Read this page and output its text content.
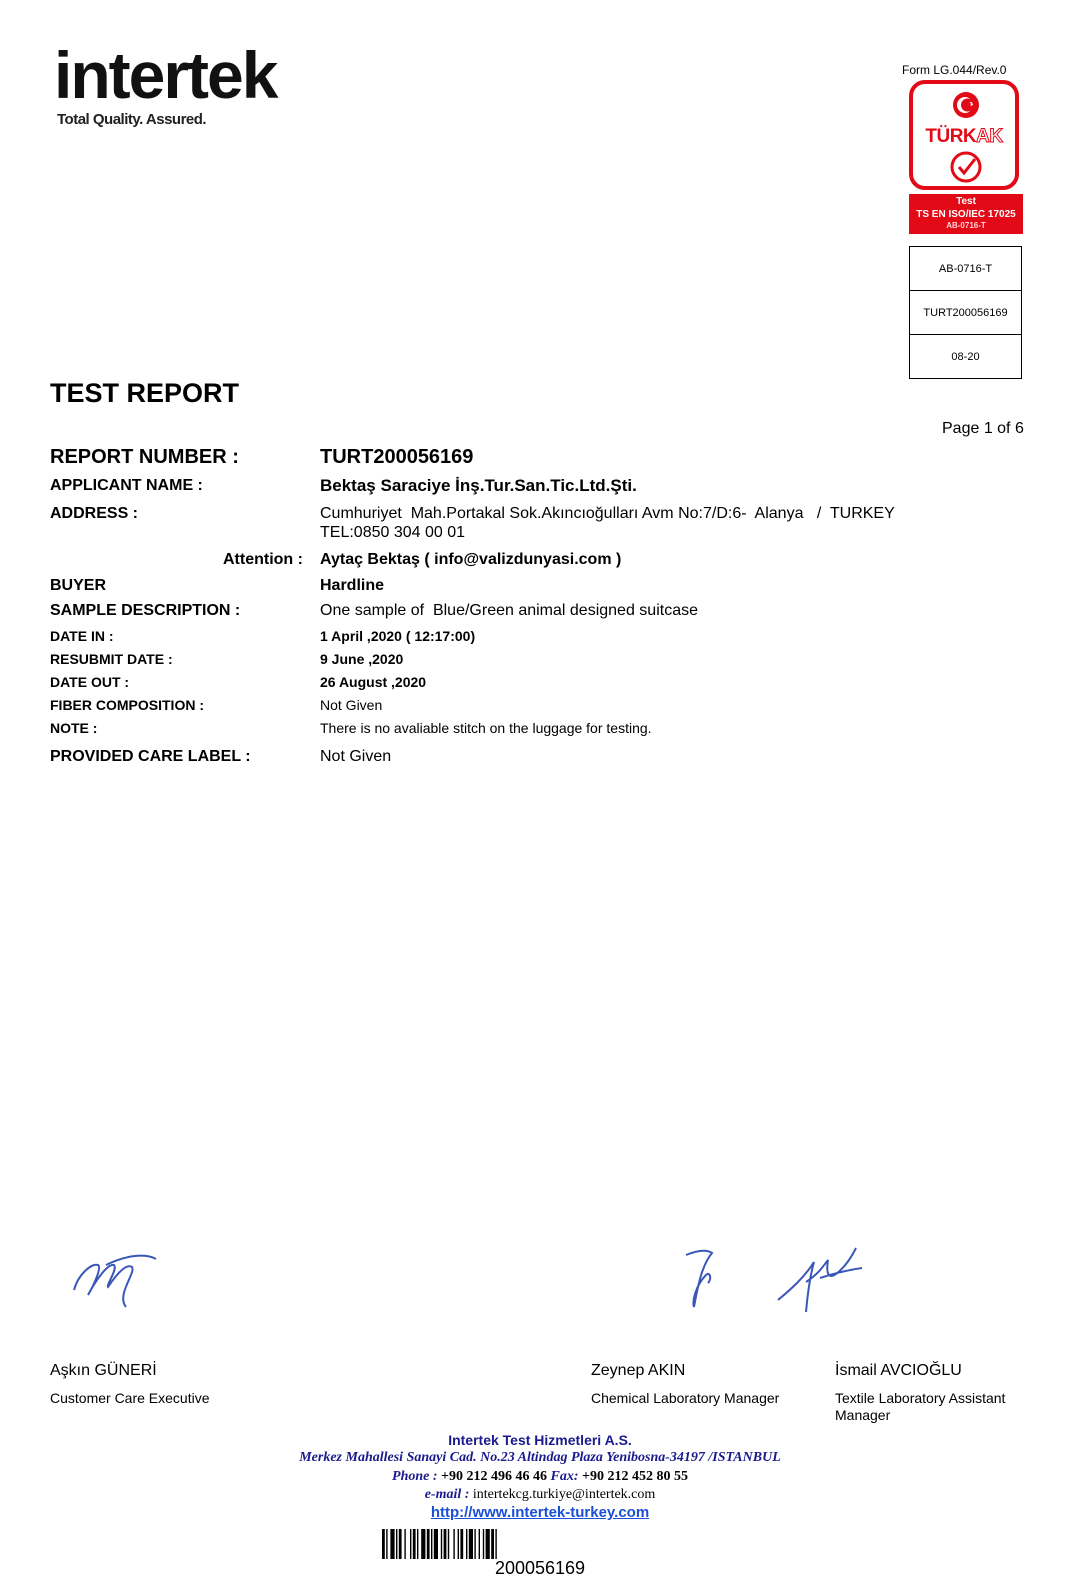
intertek
Total Quality. Assured.
Form LG.044/Rev.0
TÜRKAK
Test
TS EN ISO/IEC 17025
AB-0716-T
AB-0716-T
TURT200056169
08-20
TEST REPORT
Page 1 of 6
REPORT NUMBER :	TURT200056169
APPLICANT NAME :	Bektaş Saraciye İnş.Tur.San.Tic.Ltd.Şti.
ADDRESS :	Cumhuriyet  Mah.Portakal Sok.Akıncıoğulları Avm No:7/D:6-  Alanya   /  TURKEY
TEL:0850 304 00 01
Attention : Aytaç Bektaş ( info@valizdunyasi.com )
BUYER	Hardline
SAMPLE DESCRIPTION :	One sample of  Blue/Green animal designed suitcase
DATE IN :	1 April ,2020 ( 12:17:00)
RESUBMIT DATE :	9 June ,2020
DATE OUT :	26 August ,2020
FIBER COMPOSITION :	Not Given
NOTE :	There is no avaliable stitch on the luggage for testing.
PROVIDED CARE LABEL :	Not Given
Aşkın GÜNERİ
Customer Care Executive
Zeynep AKIN
Chemical Laboratory Manager
İsmail AVCIOĞLU
Textile Laboratory Assistant
Manager
Intertek Test Hizmetleri A.S.
Merkez Mahallesi Sanayi Cad. No.23 Altindag Plaza Yenibosna-34197 /ISTANBUL
Phone : +90 212 496 46 46 Fax: +90 212 452 80 55
e-mail : intertekcg.turkiye@intertek.com
http://www.intertek-turkey.com
200056169
